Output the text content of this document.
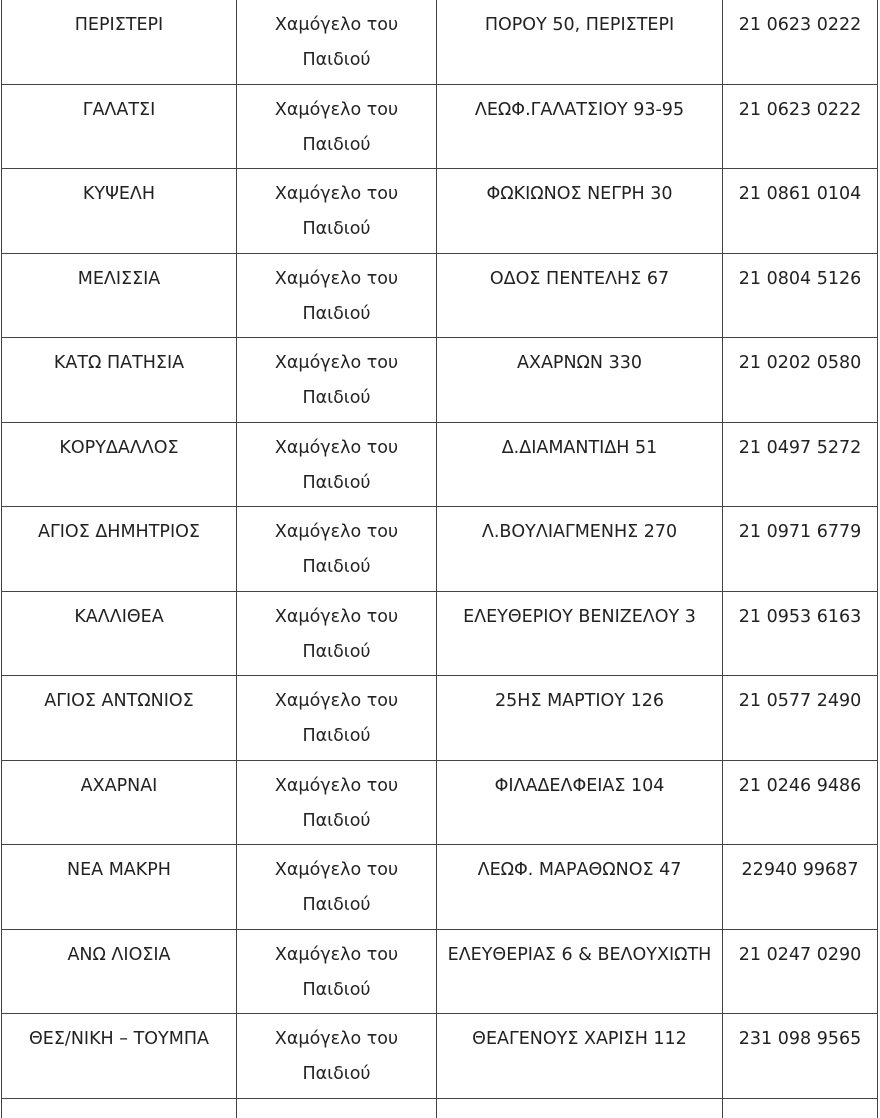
ΠΕΡΙΣΤΕΡΙ	Χαμόγελο του Παιδιού	ΠΟΡΟΥ 50, ΠΕΡΙΣΤΕΡΙ	21 0623 0222

ΓΑΛΑΤΣΙ	Χαμόγελο του Παιδιού	ΛΕΩΦ.ΓΑΛΑΤΣΙΟΥ 93-95	21 0623 0222

ΚΥΨΕΛΗ	Χαμόγελο του Παιδιού	ΦΩΚΙΩΝΟΣ ΝΕΓΡΗ 30	21 0861 0104

ΜΕΛΙΣΣΙΑ	Χαμόγελο του Παιδιού	ΟΔΟΣ ΠΕΝΤΕΛΗΣ 67	21 0804 5126

ΚΑΤΩ ΠΑΤΗΣΙΑ	Χαμόγελο του Παιδιού	ΑΧΑΡΝΩΝ 330	21 0202 0580

ΚΟΡΥΔΑΛΛΟΣ	Χαμόγελο του Παιδιού	Δ.ΔΙΑΜΑΝΤΙΔΗ 51	21 0497 5272

ΑΓΙΟΣ ΔΗΜΗΤΡΙΟΣ	Χαμόγελο του Παιδιού	Λ.ΒΟΥΛΙΑΓΜΕΝΗΣ 270	21 0971 6779

ΚΑΛΛΙΘΕΑ	Χαμόγελο του Παιδιού	ΕΛΕΥΘΕΡΙΟΥ ΒΕΝΙΖΕΛΟΥ 3	21 0953 6163

ΑΓΙΟΣ ΑΝΤΩΝΙΟΣ	Χαμόγελο του Παιδιού	25ΗΣ ΜΑΡΤΙΟΥ 126	21 0577 2490

ΑΧΑΡΝΑΙ	Χαμόγελο του Παιδιού	ΦΙΛΑΔΕΛΦΕΙΑΣ 104	21 0246 9486

ΝΕΑ ΜΑΚΡΗ	Χαμόγελο του Παιδιού	ΛΕΩΦ. ΜΑΡΑΘΩΝΟΣ 47	22940 99687

ΑΝΩ ΛΙΟΣΙΑ	Χαμόγελο του Παιδιού	ΕΛΕΥΘΕΡΙΑΣ 6 & ΒΕΛΟΥΧΙΩΤΗ	21 0247 0290

ΘΕΣ/ΝΙΚΗ – ΤΟΥΜΠΑ	Χαμόγελο του Παιδιού	ΘΕΑΓΕΝΟΥΣ ΧΑΡΙΣΗ 112	231 098 9565
